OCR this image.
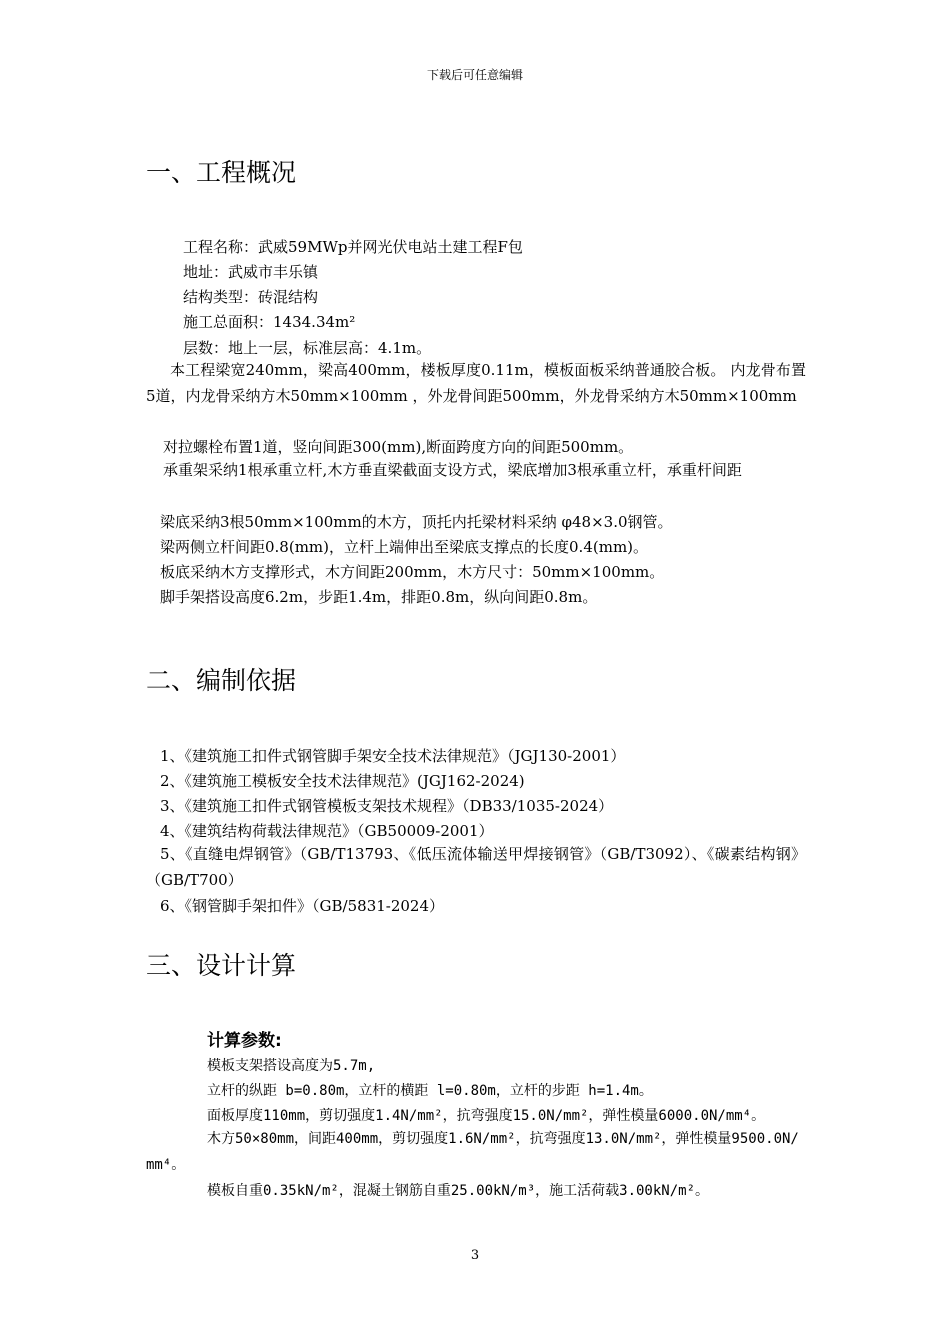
下载后可任意编辑
一、工程概况
工程名称：武威59MWp并网光伏电站土建工程F包
地址：武威市丰乐镇
结构类型：砖混结构
施工总面积：1434.34m²
层数：地上一层，标准层高：4.1m。
本工程梁宽240mm，梁高400mm，楼板厚度0.11m，模板面板采纳普通胶合板。 内龙骨布置5道，内龙骨采纳方木50mm×100mm ，外龙骨间距500mm，外龙骨采纳方木50mm×100mm
对拉螺栓布置1道，竖向间距300(mm),断面跨度方向的间距500mm。
承重架采纳1根承重立杆,木方垂直梁截面支设方式，梁底增加3根承重立杆，承重杆间距
梁底采纳3根50mm×100mm的木方，顶托内托梁材料采纳 φ48×3.0钢管。
梁两侧立杆间距0.8(mm)，立杆上端伸出至梁底支撑点的长度0.4(mm)。
板底采纳木方支撑形式，木方间距200mm，木方尺寸：50mm×100mm。
脚手架搭设高度6.2m，步距1.4m，排距0.8m，纵向间距0.8m。
二、编制依据
1、《建筑施工扣件式钢管脚手架安全技术法律规范》（JGJ130-2001）
2、《建筑施工模板安全技术法律规范》(JGJ162-2024)
3、《建筑施工扣件式钢管模板支架技术规程》（DB33/1035-2024）
4、《建筑结构荷载法律规范》（GB50009-2001）
5、《直缝电焊钢管》（GB/T13793、《低压流体输送甲焊接钢管》（GB/T3092）、《碳素结构钢》（GB/T700）
6、《钢管脚手架扣件》（GB/5831-2024）
三、设计计算
计算参数:
模板支架搭设高度为5.7m,
立杆的纵距 b=0.80m，立杆的横距 l=0.80m，立杆的步距 h=1.4m。
面板厚度110mm，剪切强度1.4N/mm²，抗弯强度15.0N/mm²，弹性模量6000.0N/mm⁴。
木方50×80mm，间距400mm，剪切强度1.6N/mm²，抗弯强度13.0N/mm²，弹性模量9500.0N/mm⁴。
模板自重0.35kN/m²，混凝土钢筋自重25.00kN/m³，施工活荷载3.00kN/m²。
3
